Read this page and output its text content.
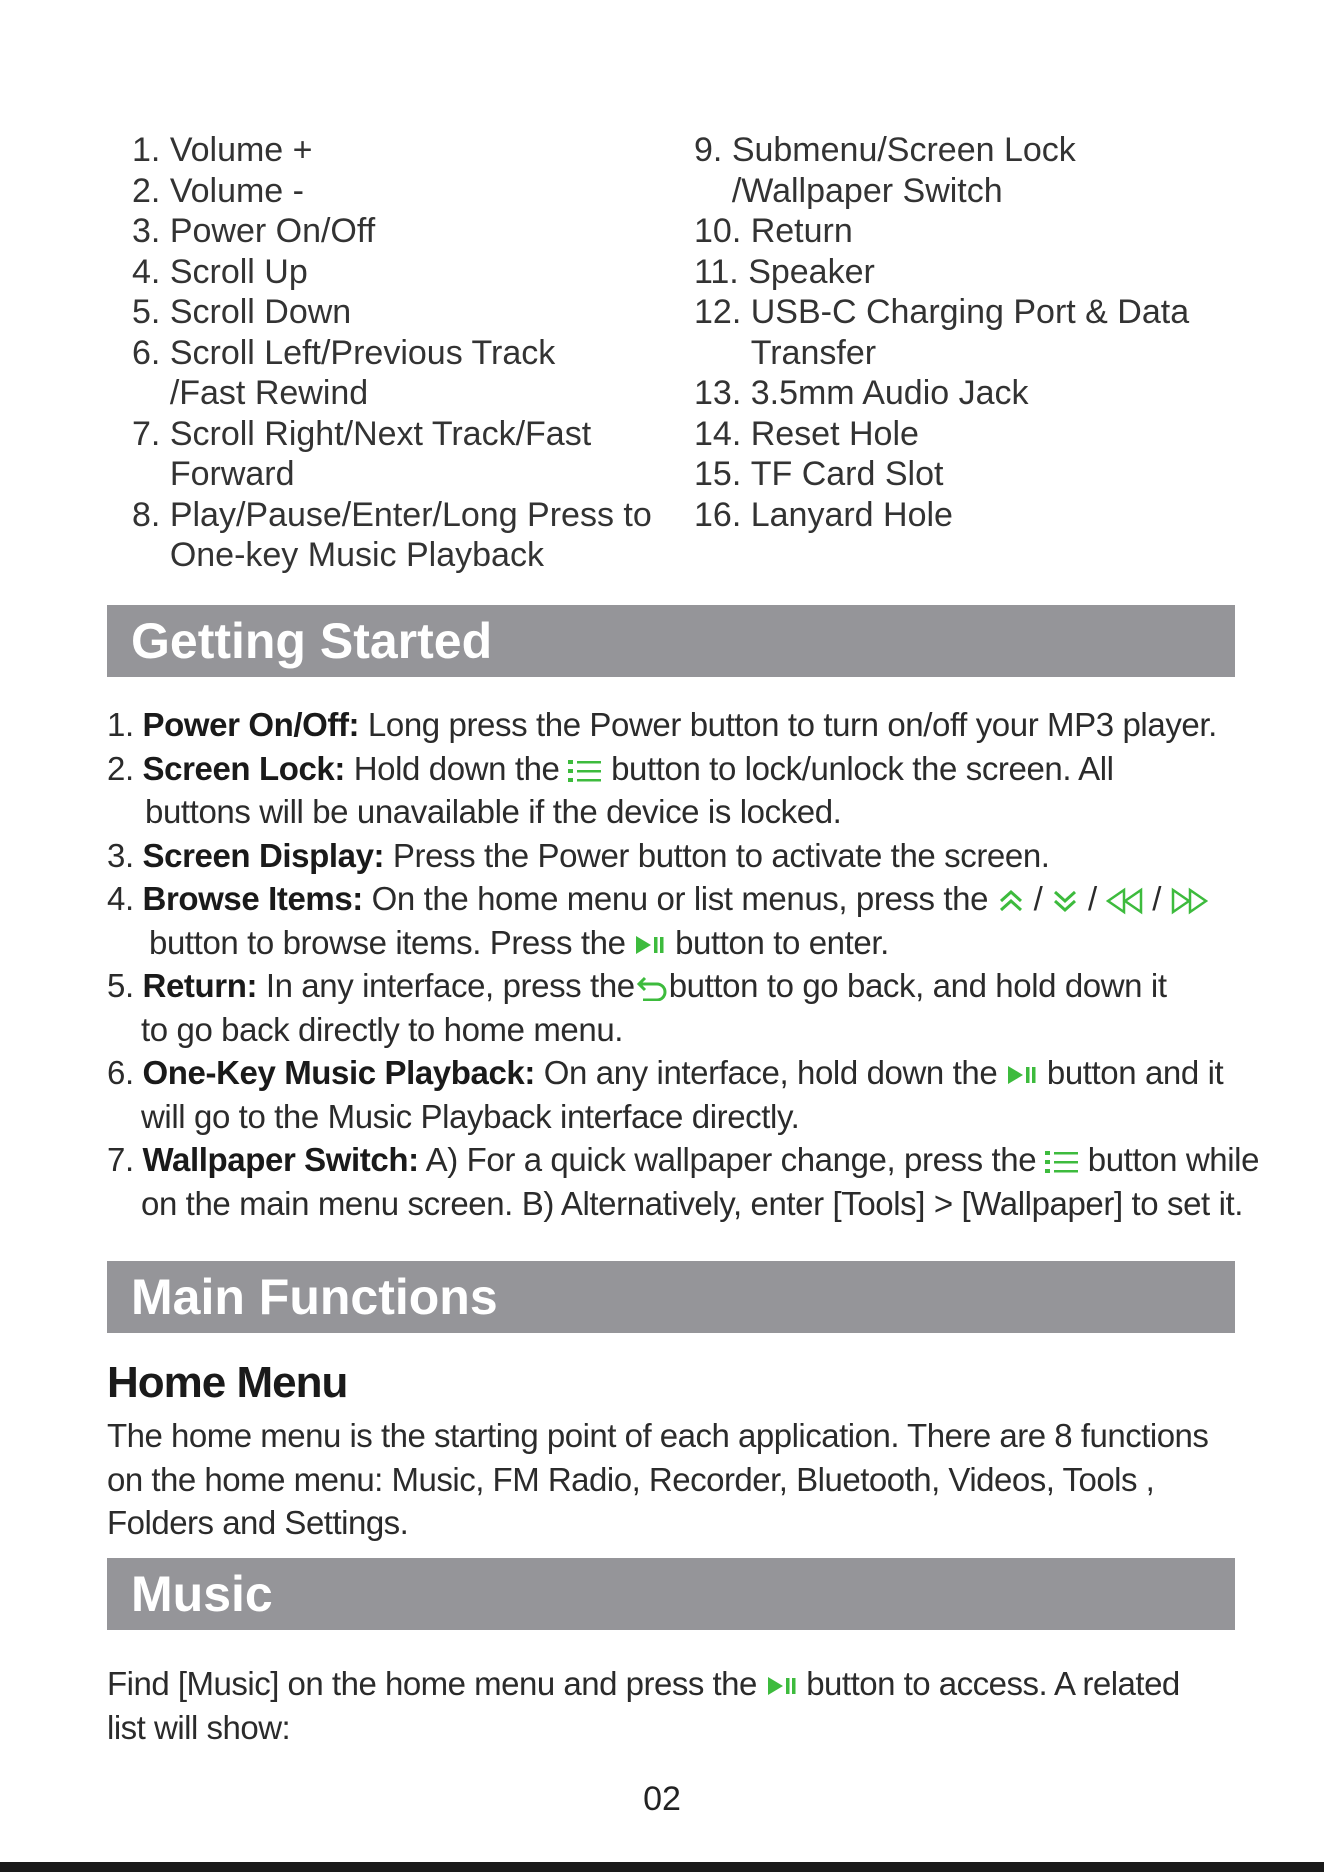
1. Volume +
2. Volume -
3. Power On/Off
4. Scroll Up
5. Scroll Down
6. Scroll Left/Previous Track
/Fast Rewind
7. Scroll Right/Next Track/Fast
Forward
8. Play/Pause/Enter/Long Press to
One-key Music Playback
9. Submenu/Screen Lock
/Wallpaper Switch
10. Return
11. Speaker
12. USB-C Charging Port & Data
Transfer
13. 3.5mm Audio Jack
14. Reset Hole
15. TF Card Slot
16. Lanyard Hole
Getting Started
1. Power On/Off: Long press the Power button to turn on/off your MP3 player.
2. Screen Lock: Hold down the
button to lock/unlock the screen. All
buttons will be unavailable if the device is locked.
3. Screen Display: Press the Power button to activate the screen.
4. Browse Items: On the home menu or list menus, press the
/
/
/
button to browse items. Press the
button to enter.
5. Return: In any interface, press the button to go back, and hold down it
to go back directly to home menu.
6. One-Key Music Playback: On any interface, hold down the
button and it
will go to the Music Playback interface directly.
7. Wallpaper Switch: A) For a quick wallpaper change, press the
button while
on the main menu screen. B) Alternatively, enter [Tools] > [Wallpaper] to set it.
Main Functions
Home Menu
The home menu is the starting point of each application. There are 8 functions
on the home menu: Music, FM Radio, Recorder, Bluetooth, Videos, Tools ,
Folders and Settings.
Music
Find [Music] on the home menu and press the
button to access. A related
list will show:
02
